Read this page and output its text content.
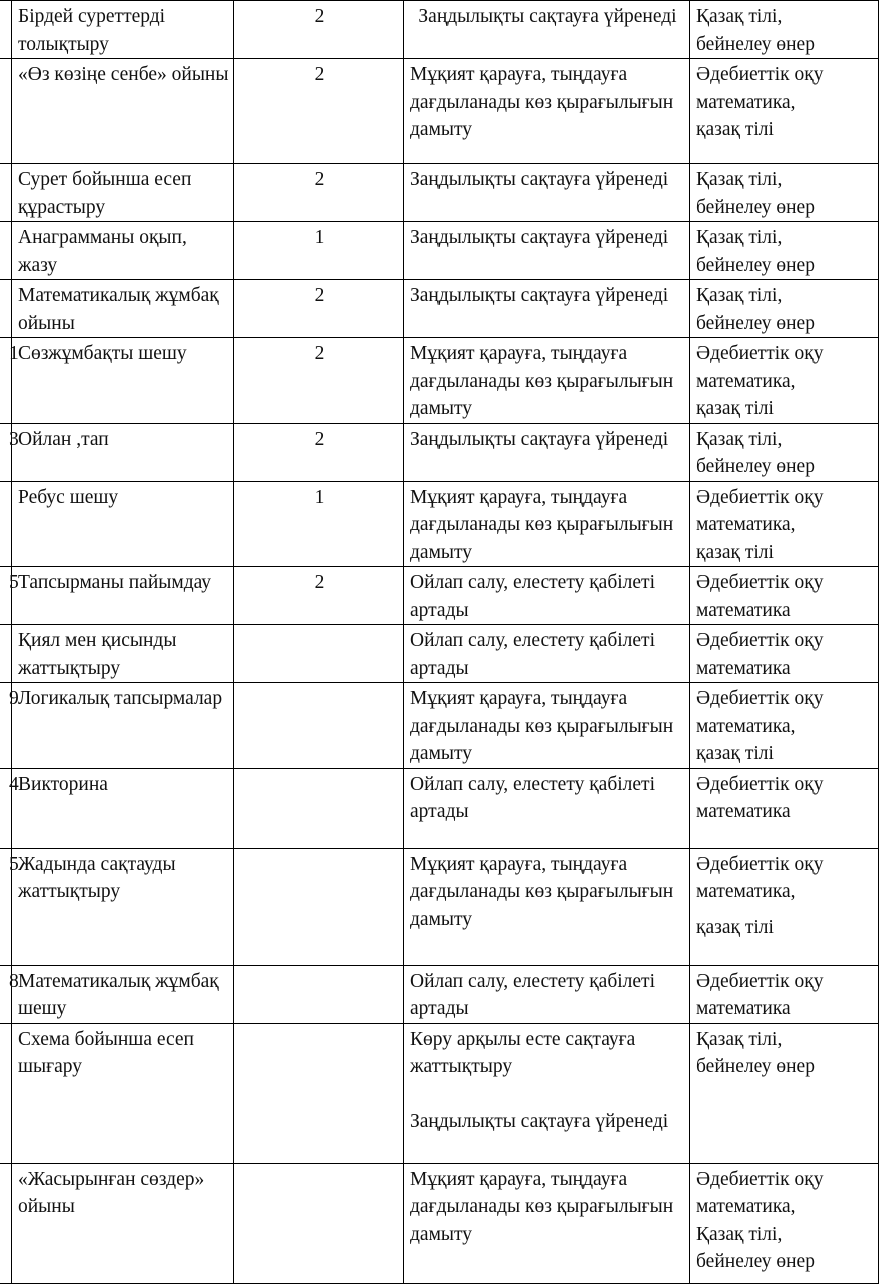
	Бірдей суреттерді толықтыру	2	Заңдылықты сақтауға үйренеді	Қазақ тілі,
бейнелеу өнер
	«Өз көзіңе сенбе» ойыны	2	Мұқият қарауға, тыңдауға дағдыланады көз қырағылығын дамыту	Әдебиеттік оқу
математика,
қазақ тілі
	Сурет бойынша есеп құрастыру	2	Заңдылықты сақтауға үйренеді	Қазақ тілі,
бейнелеу өнер
	Анаграмманы оқып, жазу	1	Заңдылықты сақтауға үйренеді	Қазақ тілі,
бейнелеу өнер
	Математикалық жұмбақ ойыны	2	Заңдылықты сақтауға үйренеді	Қазақ тілі,
бейнелеу өнер
1	Сөзжұмбақты шешу	2	Мұқият қарауға, тыңдауға дағдыланады көз қырағылығын дамыту	Әдебиеттік оқу
математика,
қазақ тілі
3	Ойлан ,тап	2	Заңдылықты сақтауға үйренеді	Қазақ тілі,
бейнелеу өнер
	Ребус шешу	1	Мұқият қарауға, тыңдауға дағдыланады көз қырағылығын дамыту	Әдебиеттік оқу
математика,
қазақ тілі
5	Тапсырманы пайымдау	2	Ойлап салу, елестету қабілеті артады	Әдебиеттік оқу
математика
	Қиял мен қисынды жаттықтыру		Ойлап салу, елестету қабілеті артады	Әдебиеттік оқу
математика
9	Логикалық тапсырмалар		Мұқият қарауға, тыңдауға дағдыланады көз қырағылығын дамыту	Әдебиеттік оқу
математика,
қазақ тілі
4	Викторина		Ойлап салу, елестету қабілеті артады	Әдебиеттік оқу
математика
5	Жадында сақтауды жаттықтыру		Мұқият қарауға, тыңдауға дағдыланады көз қырағылығын дамыту	Әдебиеттік оқу
математика,
қазақ тілі
8	Математикалық жұмбақ шешу		Ойлап салу, елестету қабілеті артады	Әдебиеттік оқу
математика
	Схема бойынша есеп шығару		Көру арқылы есте сақтауға жаттықтыру
Заңдылықты сақтауға үйренеді	Қазақ тілі,
бейнелеу өнер
	«Жасырынған сөздер» ойыны		Мұқият қарауға, тыңдауға дағдыланады көз қырағылығын дамыту	Әдебиеттік оқу
математика,
Қазақ тілі,
бейнелеу өнер
